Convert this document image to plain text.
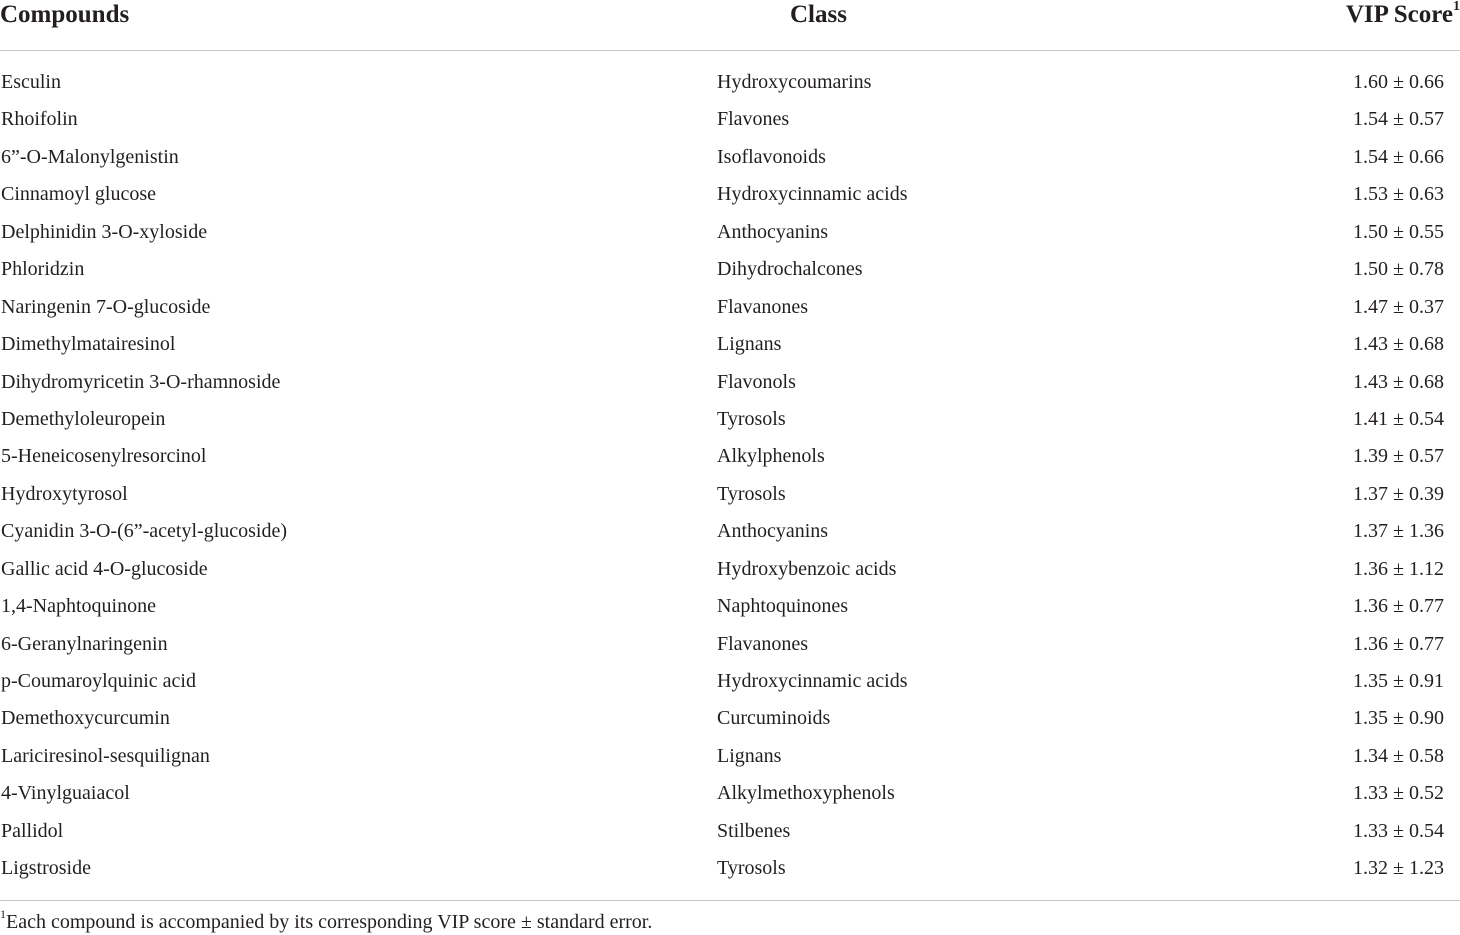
Compounds	Class	VIP Score$^1$
Esculin	Hydroxycoumarins	1.60 ± 0.66
Rhoifolin	Flavones	1.54 ± 0.57
6”-O-Malonylgenistin	Isoflavonoids	1.54 ± 0.66
Cinnamoyl glucose	Hydroxycinnamic acids	1.53 ± 0.63
Delphinidin 3-O-xyloside	Anthocyanins	1.50 ± 0.55
Phloridzin	Dihydrochalcones	1.50 ± 0.78
Naringenin 7-O-glucoside	Flavanones	1.47 ± 0.37
Dimethylmatairesinol	Lignans	1.43 ± 0.68
Dihydromyricetin 3-O-rhamnoside	Flavonols	1.43 ± 0.68
Demethyloleuropein	Tyrosols	1.41 ± 0.54
5-Heneicosenylresorcinol	Alkylphenols	1.39 ± 0.57
Hydroxytyrosol	Tyrosols	1.37 ± 0.39
Cyanidin 3-O-(6”-acetyl-glucoside)	Anthocyanins	1.37 ± 1.36
Gallic acid 4-O-glucoside	Hydroxybenzoic acids	1.36 ± 1.12
1,4-Naphtoquinone	Naphtoquinones	1.36 ± 0.77
6-Geranylnaringenin	Flavanones	1.36 ± 0.77
p-Coumaroylquinic acid	Hydroxycinnamic acids	1.35 ± 0.91
Demethoxycurcumin	Curcuminoids	1.35 ± 0.90
Lariciresinol-sesquilignan	Lignans	1.34 ± 0.58
4-Vinylguaiacol	Alkylmethoxyphenols	1.33 ± 0.52
Pallidol	Stilbenes	1.33 ± 0.54
Ligstroside	Tyrosols	1.32 ± 1.23
$^1$Each compound is accompanied by its corresponding VIP score ± standard error.
